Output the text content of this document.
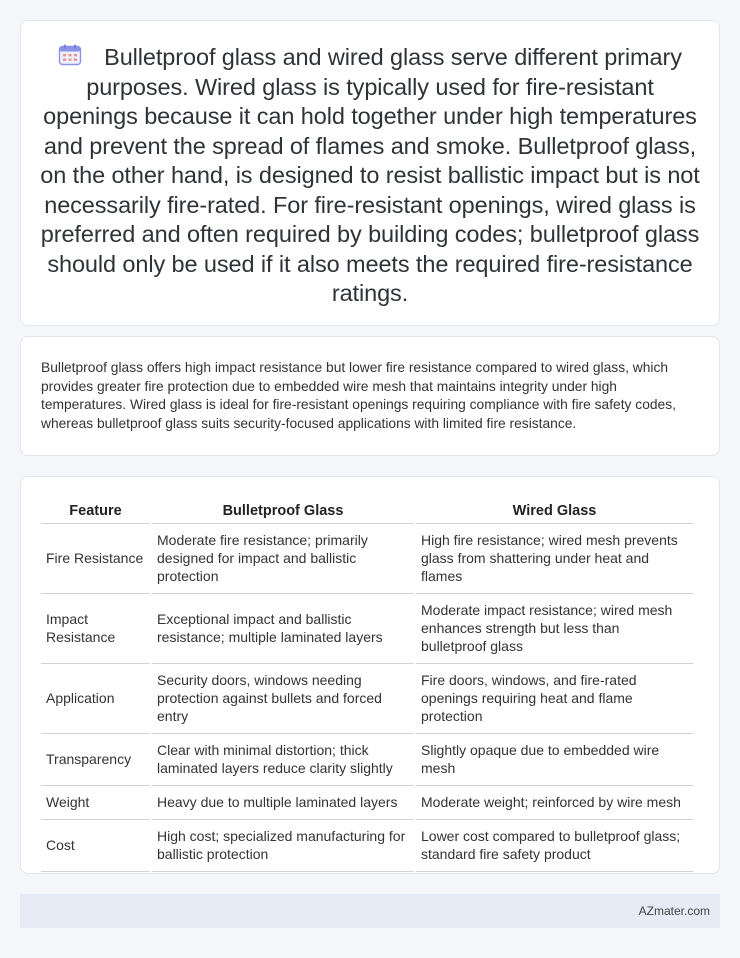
Bulletproof glass and wired glass serve different primary purposes. Wired glass is typically used for fire-resistant openings because it can hold together under high temperatures and prevent the spread of flames and smoke. Bulletproof glass, on the other hand, is designed to resist ballistic impact but is not necessarily fire-rated. For fire-resistant openings, wired glass is preferred and often required by building codes; bulletproof glass should only be used if it also meets the required fire-resistance ratings.

Bulletproof glass offers high impact resistance but lower fire resistance compared to wired glass, which provides greater fire protection due to embedded wire mesh that maintains integrity under high temperatures. Wired glass is ideal for fire-resistant openings requiring compliance with fire safety codes, whereas bulletproof glass suits security-focused applications with limited fire resistance.

Feature	Bulletproof Glass	Wired Glass
Fire Resistance	Moderate fire resistance; primarily designed for impact and ballistic protection	High fire resistance; wired mesh prevents glass from shattering under heat and flames
Impact Resistance	Exceptional impact and ballistic resistance; multiple laminated layers	Moderate impact resistance; wired mesh enhances strength but less than bulletproof glass
Application	Security doors, windows needing protection against bullets and forced entry	Fire doors, windows, and fire-rated openings requiring heat and flame protection
Transparency	Clear with minimal distortion; thick laminated layers reduce clarity slightly	Slightly opaque due to embedded wire mesh
Weight	Heavy due to multiple laminated layers	Moderate weight; reinforced by wire mesh
Cost	High cost; specialized manufacturing for ballistic protection	Lower cost compared to bulletproof glass; standard fire safety product
AZmater.com
